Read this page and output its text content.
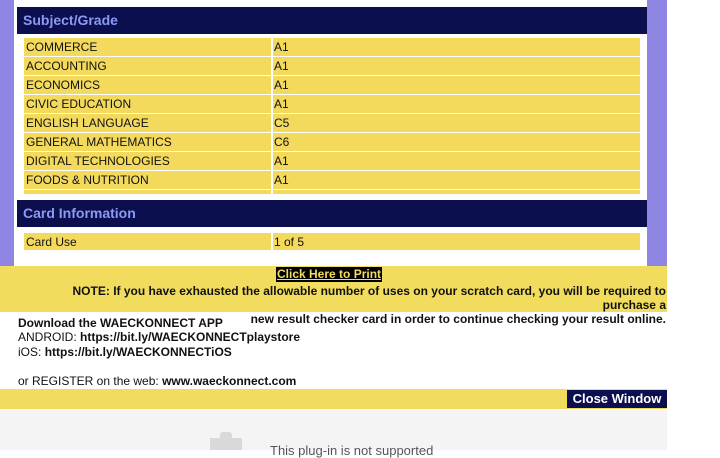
Subject/Grade
COMMERCE	A1
ACCOUNTING	A1
ECONOMICS	A1
CIVIC EDUCATION	A1
ENGLISH LANGUAGE	C5
GENERAL MATHEMATICS	C6
DIGITAL TECHNOLOGIES	A1
FOODS & NUTRITION	A1
Card Information
Card Use	1 of 5
Click Here to Print
NOTE: If you have exhausted the allowable number of uses on your scratch card, you will be required to purchase a
new result checker card in order to continue checking your result online.
Download the WAECKONNECT APP
ANDROID: https://bit.ly/WAECKONNECTplaystore
iOS: https://bit.ly/WAECKONNECTiOS
or REGISTER on the web: www.waeckonnect.com
Close Window
This plug-in is not supported
